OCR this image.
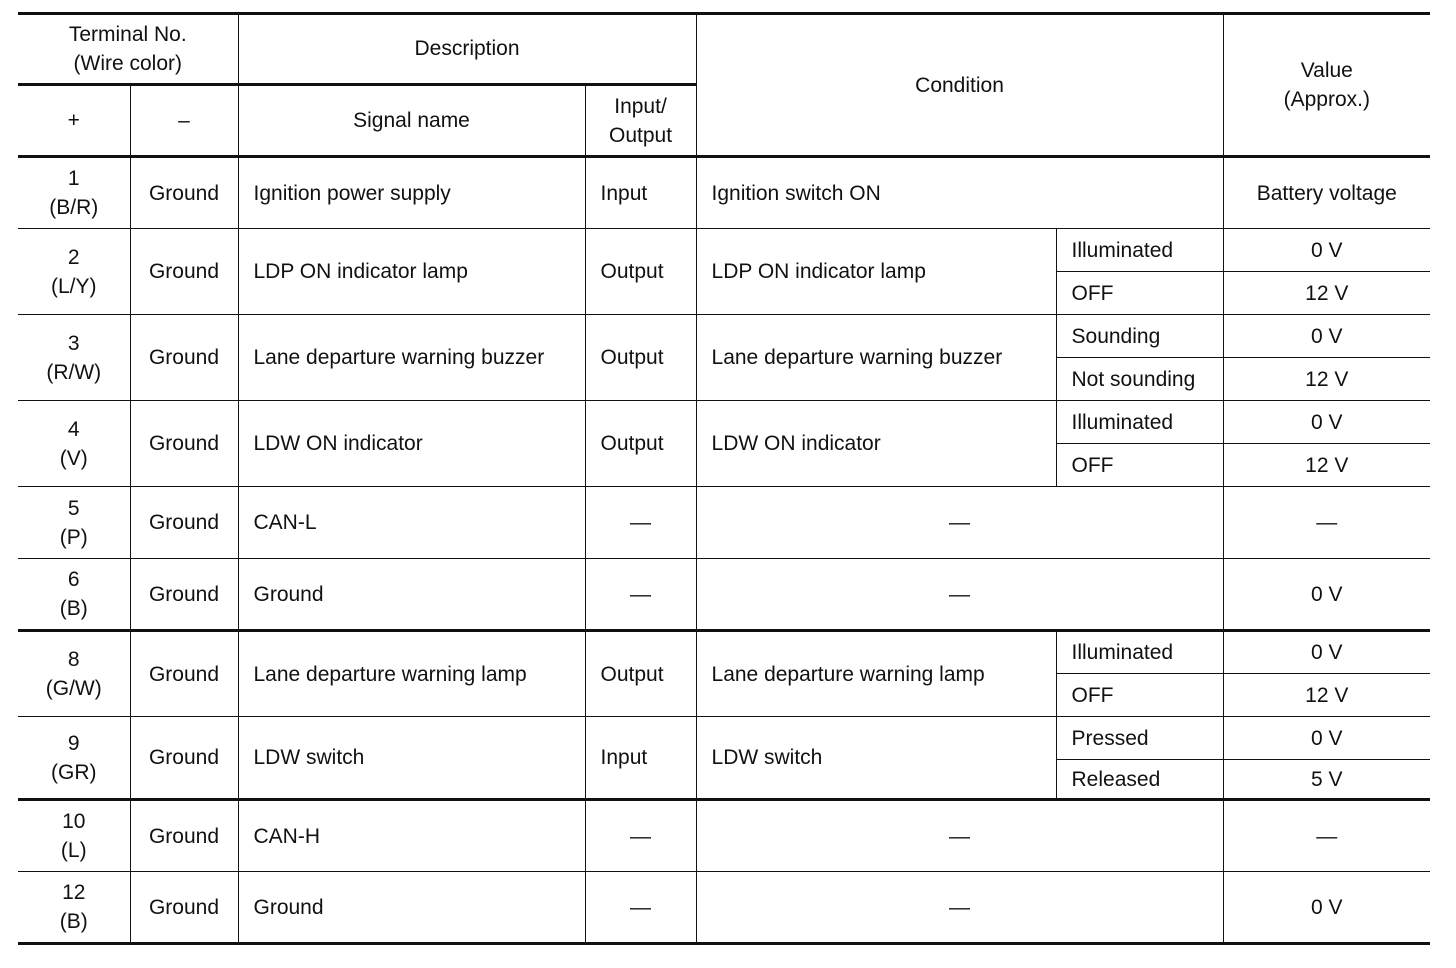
Terminal No.
(Wire color)		Description		Condition		Value
(Approx.)

+	–	Signal name	Input/
Output			

1
(B/R)	Ground	Ignition power supply	Input	Ignition switch ON		Battery voltage

2
(L/Y)	Ground	LDP ON indicator lamp	Output	LDP ON indicator lamp	Illuminated	0 V
					OFF	12 V

3
(R/W)	Ground	Lane departure warning buzzer	Output	Lane departure warning buzzer	Sounding	0 V
					Not sounding	12 V

4
(V)	Ground	LDW ON indicator	Output	LDW ON indicator	Illuminated	0 V
					OFF	12 V

5
(P)	Ground	CAN-L	—	—		—

6
(B)	Ground	Ground	—	—		0 V

8
(G/W)	Ground	Lane departure warning lamp	Output	Lane departure warning lamp	Illuminated	0 V
					OFF	12 V

9
(GR)	Ground	LDW switch	Input	LDW switch	Pressed	0 V
					Released	5 V

10
(L)	Ground	CAN-H	—	—		—

12
(B)	Ground	Ground	—	—		0 V
